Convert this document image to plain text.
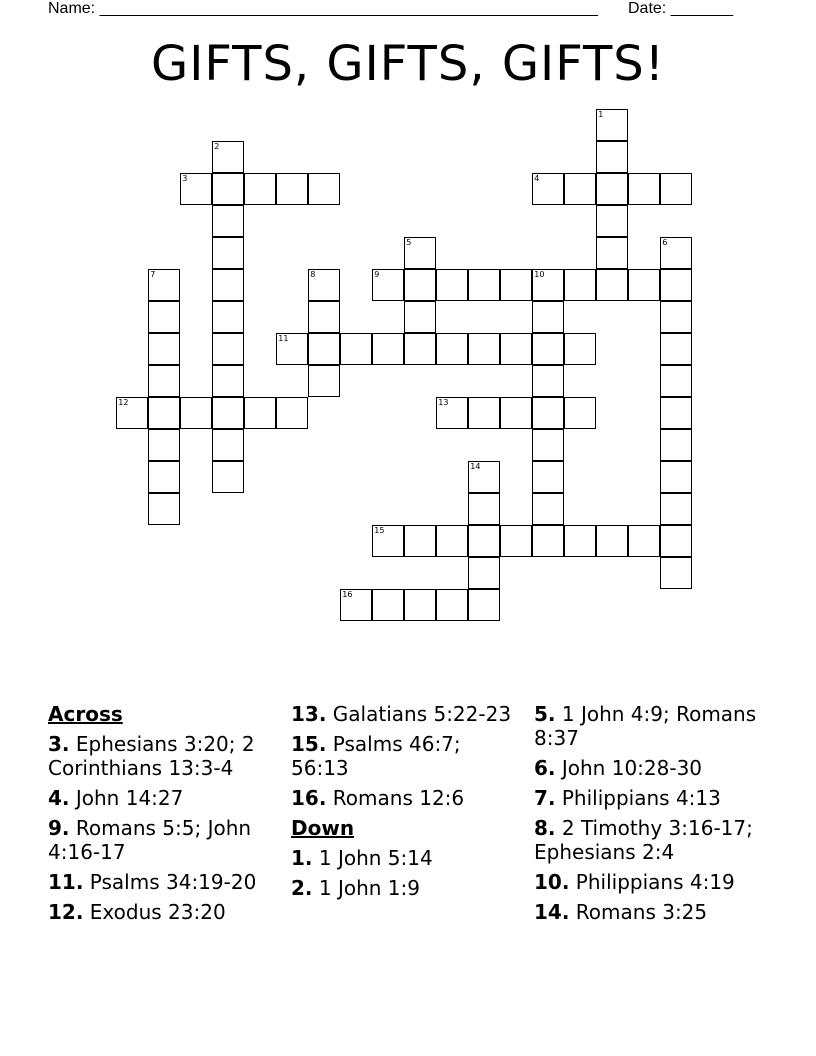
Name: ________________________________________________________ Date: _______
GIFTS, GIFTS, GIFTS!
3	4
9	10
11
12	13
15
16
1
2
5	6
7	8
14
Across
3. Ephesians 3:20; 2 Corinthians 13:3-4
4. John 14:27
9. Romans 5:5; John 4:16-17
11. Psalms 34:19-20
12. Exodus 23:20
13. Galatians 5:22-23
15. Psalms 46:7; 56:13
16. Romans 12:6
Down
1. 1 John 5:14
2. 1 John 1:9
5. 1 John 4:9; Romans 8:37
6. John 10:28-30
7. Philippians 4:13
8. 2 Timothy 3:16-17; Ephesians 2:4
10. Philippians 4:19
14. Romans 3:25
